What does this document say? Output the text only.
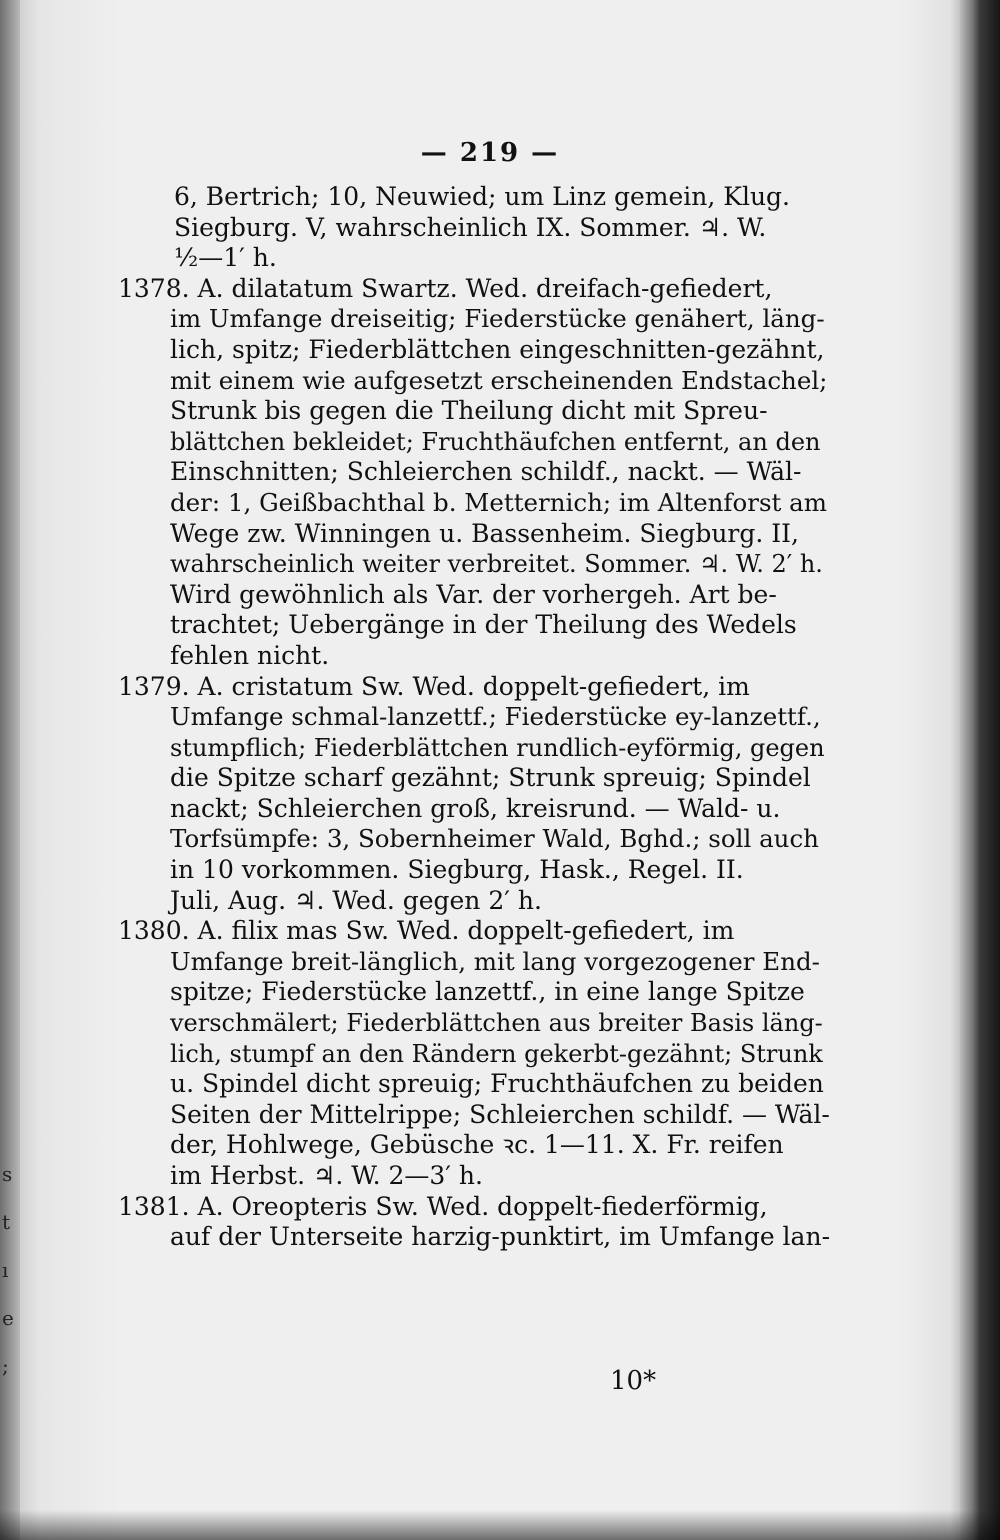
s
t
ı
e
;
— 219 —
6, Bertrich; 10, Neuwied; um Linz gemein, Klug.
Siegburg. V, wahrscheinlich IX. Sommer. ♃. W.
½—1′ h.
1378. A. dilatatum Swartz. Wed. dreifach-gefiedert,
im Umfange dreiseitig; Fiederstücke genähert, läng-
lich, spitz; Fiederblättchen eingeschnitten-gezähnt,
mit einem wie aufgesetzt erscheinenden Endstachel;
Strunk bis gegen die Theilung dicht mit Spreu-
blättchen bekleidet; Fruchthäufchen entfernt, an den
Einschnitten; Schleierchen schildf., nackt. — Wäl-
der: 1, Geißbachthal b. Metternich; im Altenforst am
Wege zw. Winningen u. Bassenheim. Siegburg. II,
wahrscheinlich weiter verbreitet. Sommer. ♃. W. 2′ h.
Wird gewöhnlich als Var. der vorhergeh. Art be-
trachtet; Uebergänge in der Theilung des Wedels
fehlen nicht.
1379. A. cristatum Sw. Wed. doppelt-gefiedert, im
Umfange schmal-lanzettf.; Fiederstücke ey-lanzettf.,
stumpflich; Fiederblättchen rundlich-eyförmig, gegen
die Spitze scharf gezähnt; Strunk spreuig; Spindel
nackt; Schleierchen groß, kreisrund. — Wald- u.
Torfsümpfe: 3, Sobernheimer Wald, Bghd.; soll auch
in 10 vorkommen. Siegburg, Hask., Regel. II.
Juli, Aug. ♃. Wed. gegen 2′ h.
1380. A. filix mas Sw. Wed. doppelt-gefiedert, im
Umfange breit-länglich, mit lang vorgezogener End-
spitze; Fiederstücke lanzettf., in eine lange Spitze
verschmälert; Fiederblättchen aus breiter Basis läng-
lich, stumpf an den Rändern gekerbt-gezähnt; Strunk
u. Spindel dicht spreuig; Fruchthäufchen zu beiden
Seiten der Mittelrippe; Schleierchen schildf. — Wäl-
der, Hohlwege, Gebüsche ꝛc. 1—11. X. Fr. reifen
im Herbst. ♃. W. 2—3′ h.
1381. A. Oreopteris Sw. Wed. doppelt-fiederförmig,
auf der Unterseite harzig-punktirt, im Umfange lan-
10*
